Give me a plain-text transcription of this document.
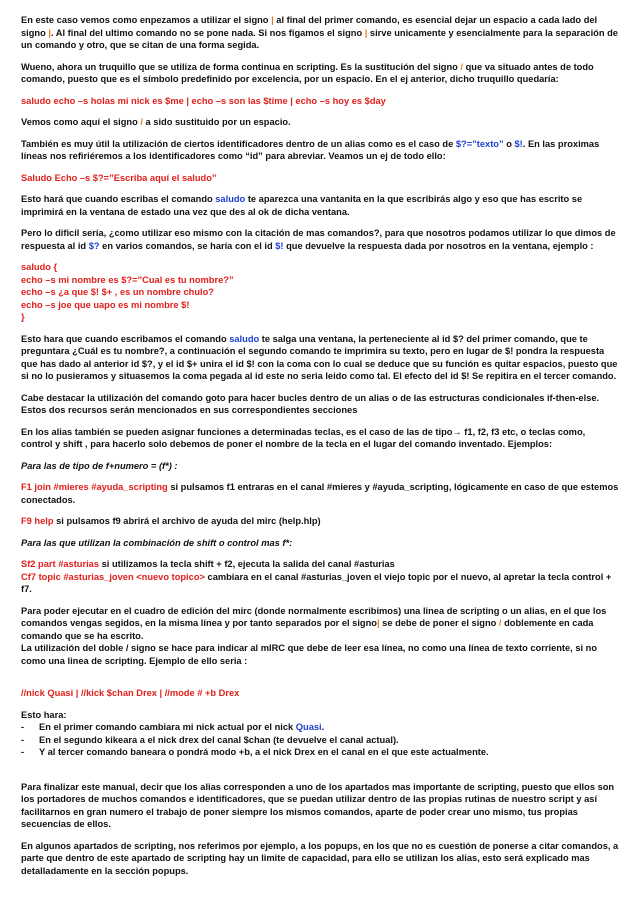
En este caso vemos como enpezamos a utilizar el signo | al final del primer comando, es esencial dejar un espacio a cada lado del signo |. Al final del ultimo comando no se pone nada. Si nos figamos el signo | sirve unicamente y esencialmente para la separación de un comando y otro, que se citan de una forma segida.

Wueno, ahora un truquillo que se utiliza de forma continua en scripting. Es la sustitución del signo / que va situado antes de todo comando, puesto que es el símbolo predefinido por excelencia, por un espacio. En el ej anterior, dicho truquillo quedaría:

saludo echo –s holas mi nick es $me | echo –s son las $time | echo –s hoy es $day

Vemos como aquí el signo / a sido sustituido por un espacio.

También es muy útil la utilización de ciertos identificadores dentro de un alias como es el caso de $?=”texto” o $!. En las proximas líneas nos refiriéremos a los identificadores como “id” para abreviar. Veamos un ej de todo ello:

Saludo Echo –s $?=”Escriba aquí el saludo”

Esto hará que cuando escribas el comando saludo te aparezca una vantanita en la que escribirás algo y eso que has escrito se imprimirá en la ventana de estado una vez que des al ok de dicha ventana.

Pero lo dificil sería, ¿como utilizar eso mismo con la citación de mas comandos?, para que nosotros podamos utilizar lo que dimos de respuesta al id $? en varios comandos, se haría con el id $! que devuelve la respuesta dada por nosotros en la ventana, ejemplo :

saludo {
echo –s mi nombre es $?=”Cual es tu nombre?”
echo –s ¿a que $! $+ , es un nombre chulo?
echo –s joe que uapo es mi nombre $!
}

Esto hara que cuando escribamos el comando saludo te salga una ventana, la perteneciente al id $? del primer comando, que te preguntara ¿Cuál es tu nombre?, a continuación el segundo comando te imprimira su texto, pero en lugar de $! pondra la respuesta que has dado al anterior id $?, y el id $+ unira el id $! con la coma con lo cual se deduce que su función es quitar espacios, puesto que si no lo pusieramos y situasemos la coma pegada al id este no seria leido como tal. El efecto del id $! Se repitira en el tercer comando.

Cabe destacar la utilización del comando goto para hacer bucles dentro de un alias o de las estructuras condicionales if-then-else. Estos dos recursos serán mencionados en sus correspondientes secciones

En los alias también se pueden asignar funciones a determinadas teclas, es el caso de las de tipo→ f1, f2, f3 etc, o teclas como, control y shift , para hacerlo solo debemos de poner el nombre de la tecla en el lugar del comando inventado. Ejemplos:

Para las de tipo de f+numero = (f*) :

F1 join #mieres #ayuda_scripting si pulsamos f1 entraras en el canal #mieres y #ayuda_scripting, lógicamente en caso de que estemos conectados.

F9 help si pulsamos f9 abrirá el archivo de ayuda del mirc (help.hlp)

Para las que utilizan la combinación de shift o control mas f*:

Sf2 part #asturias si utilizamos la tecla shift + f2, ejecuta la salida del canal #asturias
Cf7 topic #asturias_joven <nuevo topico> cambiara en el canal #asturias_joven el viejo topic por el nuevo, al apretar la tecla control + f7.

Para poder ejecutar en el cuadro de edición del mirc (donde normalmente escribimos) una linea de scripting o un alias, en el que los comandos vengas segidos, en la misma línea y por tanto separados por el signo| se debe de poner el signo / doblemente en cada comando que se ha escrito.

La utilización del doble / signo se hace para indicar al mIRC que debe de leer esa línea, no como una línea de texto corriente, si no como una linea de scripting. Ejemplo de ello seria :

//nick Quasi | //kick $chan Drex | //mode # +b Drex

Esto hara:

- En el primer comando cambiara mi nick actual por el nick Quasi.
- En el segundo kikeara a el nick drex del canal $chan (te devuelve el canal actual).
- Y al tercer comando baneara o pondrá modo +b, a el nick Drex en el canal en el que este actualmente.

Para finalizar este manual, decir que los alias corresponden a uno de los apartados mas importante de scripting, puesto que ellos son los portadores de muchos comandos e identificadores, que se puedan utilizar dentro de las propias rutinas de nuestro script y así facilitarnos en gran numero el trabajo de poner siempre los mismos comandos, aparte de poder crear uno mismo, tus propias secuencias de ellos.

En algunos apartados de scripting, nos referimos por ejemplo, a los popups, en los que no es cuestión de ponerse a citar comandos, a parte que dentro de este apartado de scripting hay un limite de capacidad, para ello se utilizan los alias, esto será explicado mas detalladamente en la sección popups.
